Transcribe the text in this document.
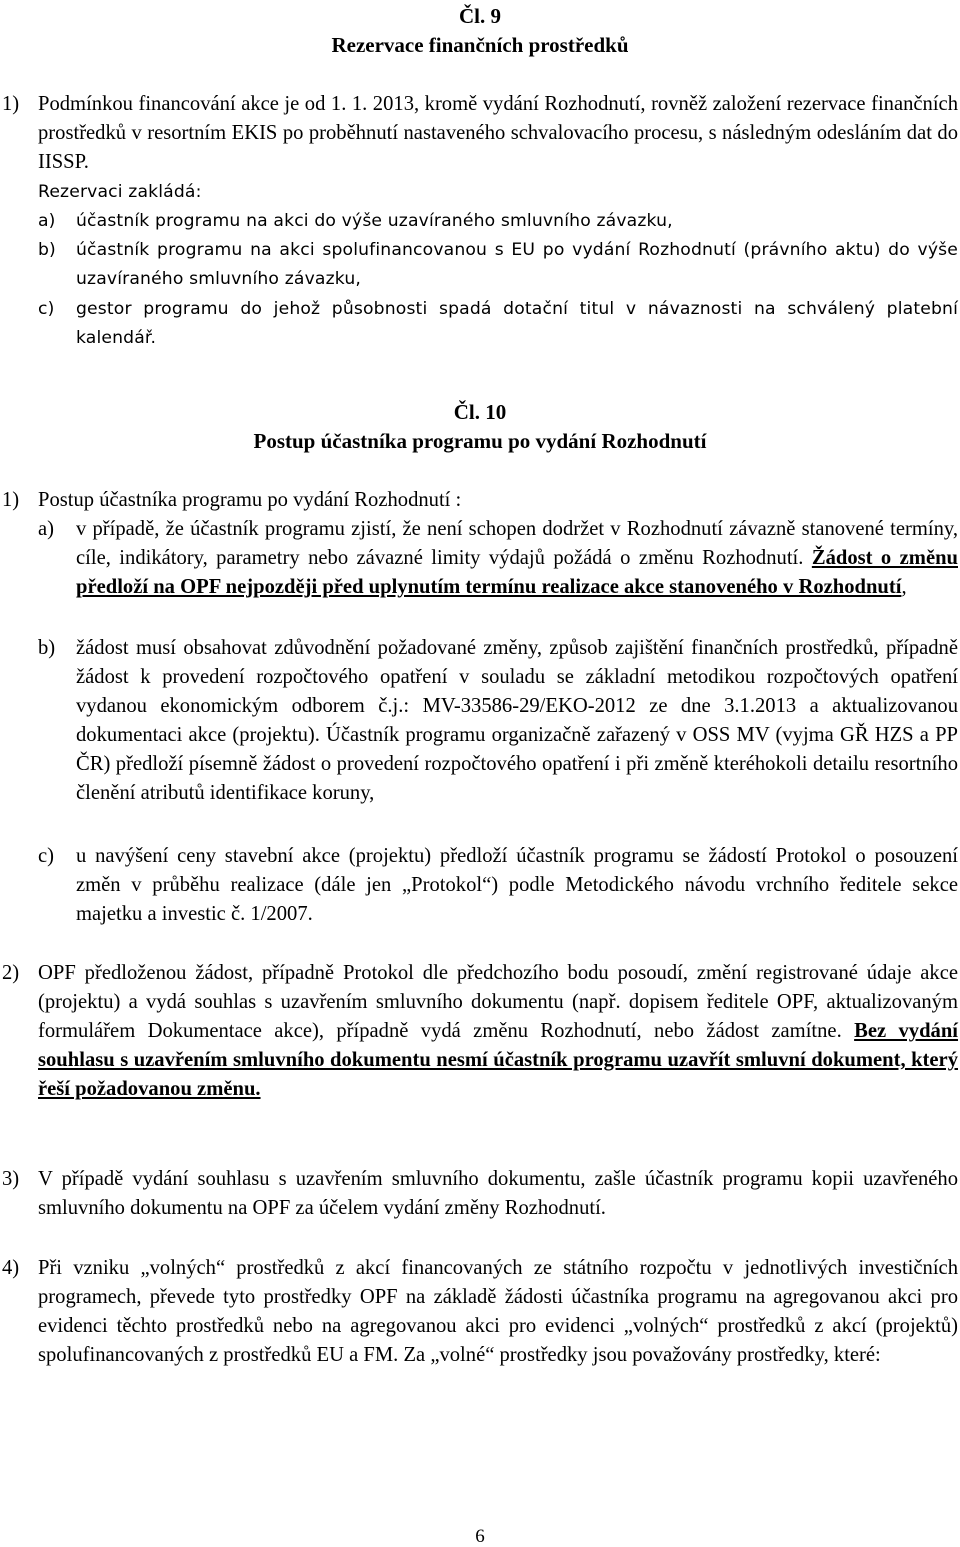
Čl. 9
Rezervace finančních prostředků
1) Podmínkou financování akce je od 1. 1. 2013, kromě vydání Rozhodnutí, rovněž založení rezervace finančních prostředků v resortním EKIS po proběhnutí nastaveného schvalovacího procesu, s následným odesláním dat do IISSP.
Rezervaci zakládá:
a) účastník programu na akci do výše uzavíraného smluvního závazku,
b) účastník programu na akci spolufinancovanou s EU po vydání Rozhodnutí (právního aktu) do výše uzavíraného smluvního závazku,
c) gestor programu do jehož působnosti spadá dotační titul v návaznosti na schválený platební kalendář.
Čl. 10
Postup účastníka programu po vydání Rozhodnutí
1) Postup účastníka programu po vydání Rozhodnutí :
a) v případě, že účastník programu zjistí, že není schopen dodržet v Rozhodnutí závazně stanovené termíny, cíle, indikátory, parametry nebo závazné limity výdajů požádá o změnu Rozhodnutí. Žádost o změnu předloží na OPF nejpozději před uplynutím termínu realizace akce stanoveného v Rozhodnutí,
b) žádost musí obsahovat zdůvodnění požadované změny, způsob zajištění finančních prostředků, případně žádost k provedení rozpočtového opatření v souladu se základní metodikou rozpočtových opatření vydanou ekonomickým odborem č.j.: MV-33586-29/EKO-2012 ze dne 3.1.2013 a aktualizovanou dokumentaci akce (projektu). Účastník programu organizačně zařazený v OSS MV (vyjma GŘ HZS a PP ČR) předloží písemně žádost o provedení rozpočtového opatření i při změně kteréhokoli detailu resortního členění atributů identifikace koruny,
c) u navýšení ceny stavební akce (projektu) předloží účastník programu se žádostí Protokol o posouzení změn v průběhu realizace (dále jen „Protokol“) podle Metodického návodu vrchního ředitele sekce majetku a investic č. 1/2007.
2) OPF předloženou žádost, případně Protokol dle předchozího bodu posoudí, změní registrované údaje akce (projektu) a vydá souhlas s uzavřením smluvního dokumentu (např. dopisem ředitele OPF, aktualizovaným formulářem Dokumentace akce), případně vydá změnu Rozhodnutí, nebo žádost zamítne. Bez vydání souhlasu s uzavřením smluvního dokumentu nesmí účastník programu uzavřít smluvní dokument, který řeší požadovanou změnu.
3) V případě vydání souhlasu s uzavřením smluvního dokumentu, zašle účastník programu kopii uzavřeného smluvního dokumentu na OPF za účelem vydání změny Rozhodnutí.
4) Při vzniku „volných“ prostředků z akcí financovaných ze státního rozpočtu v jednotlivých investičních programech, převede tyto prostředky OPF na základě žádosti účastníka programu na agregovanou akci pro evidenci těchto prostředků nebo na agregovanou akci pro evidenci „volných“ prostředků z akcí (projektů) spolufinancovaných z prostředků EU a FM. Za „volné“ prostředky jsou považovány prostředky, které:
6
